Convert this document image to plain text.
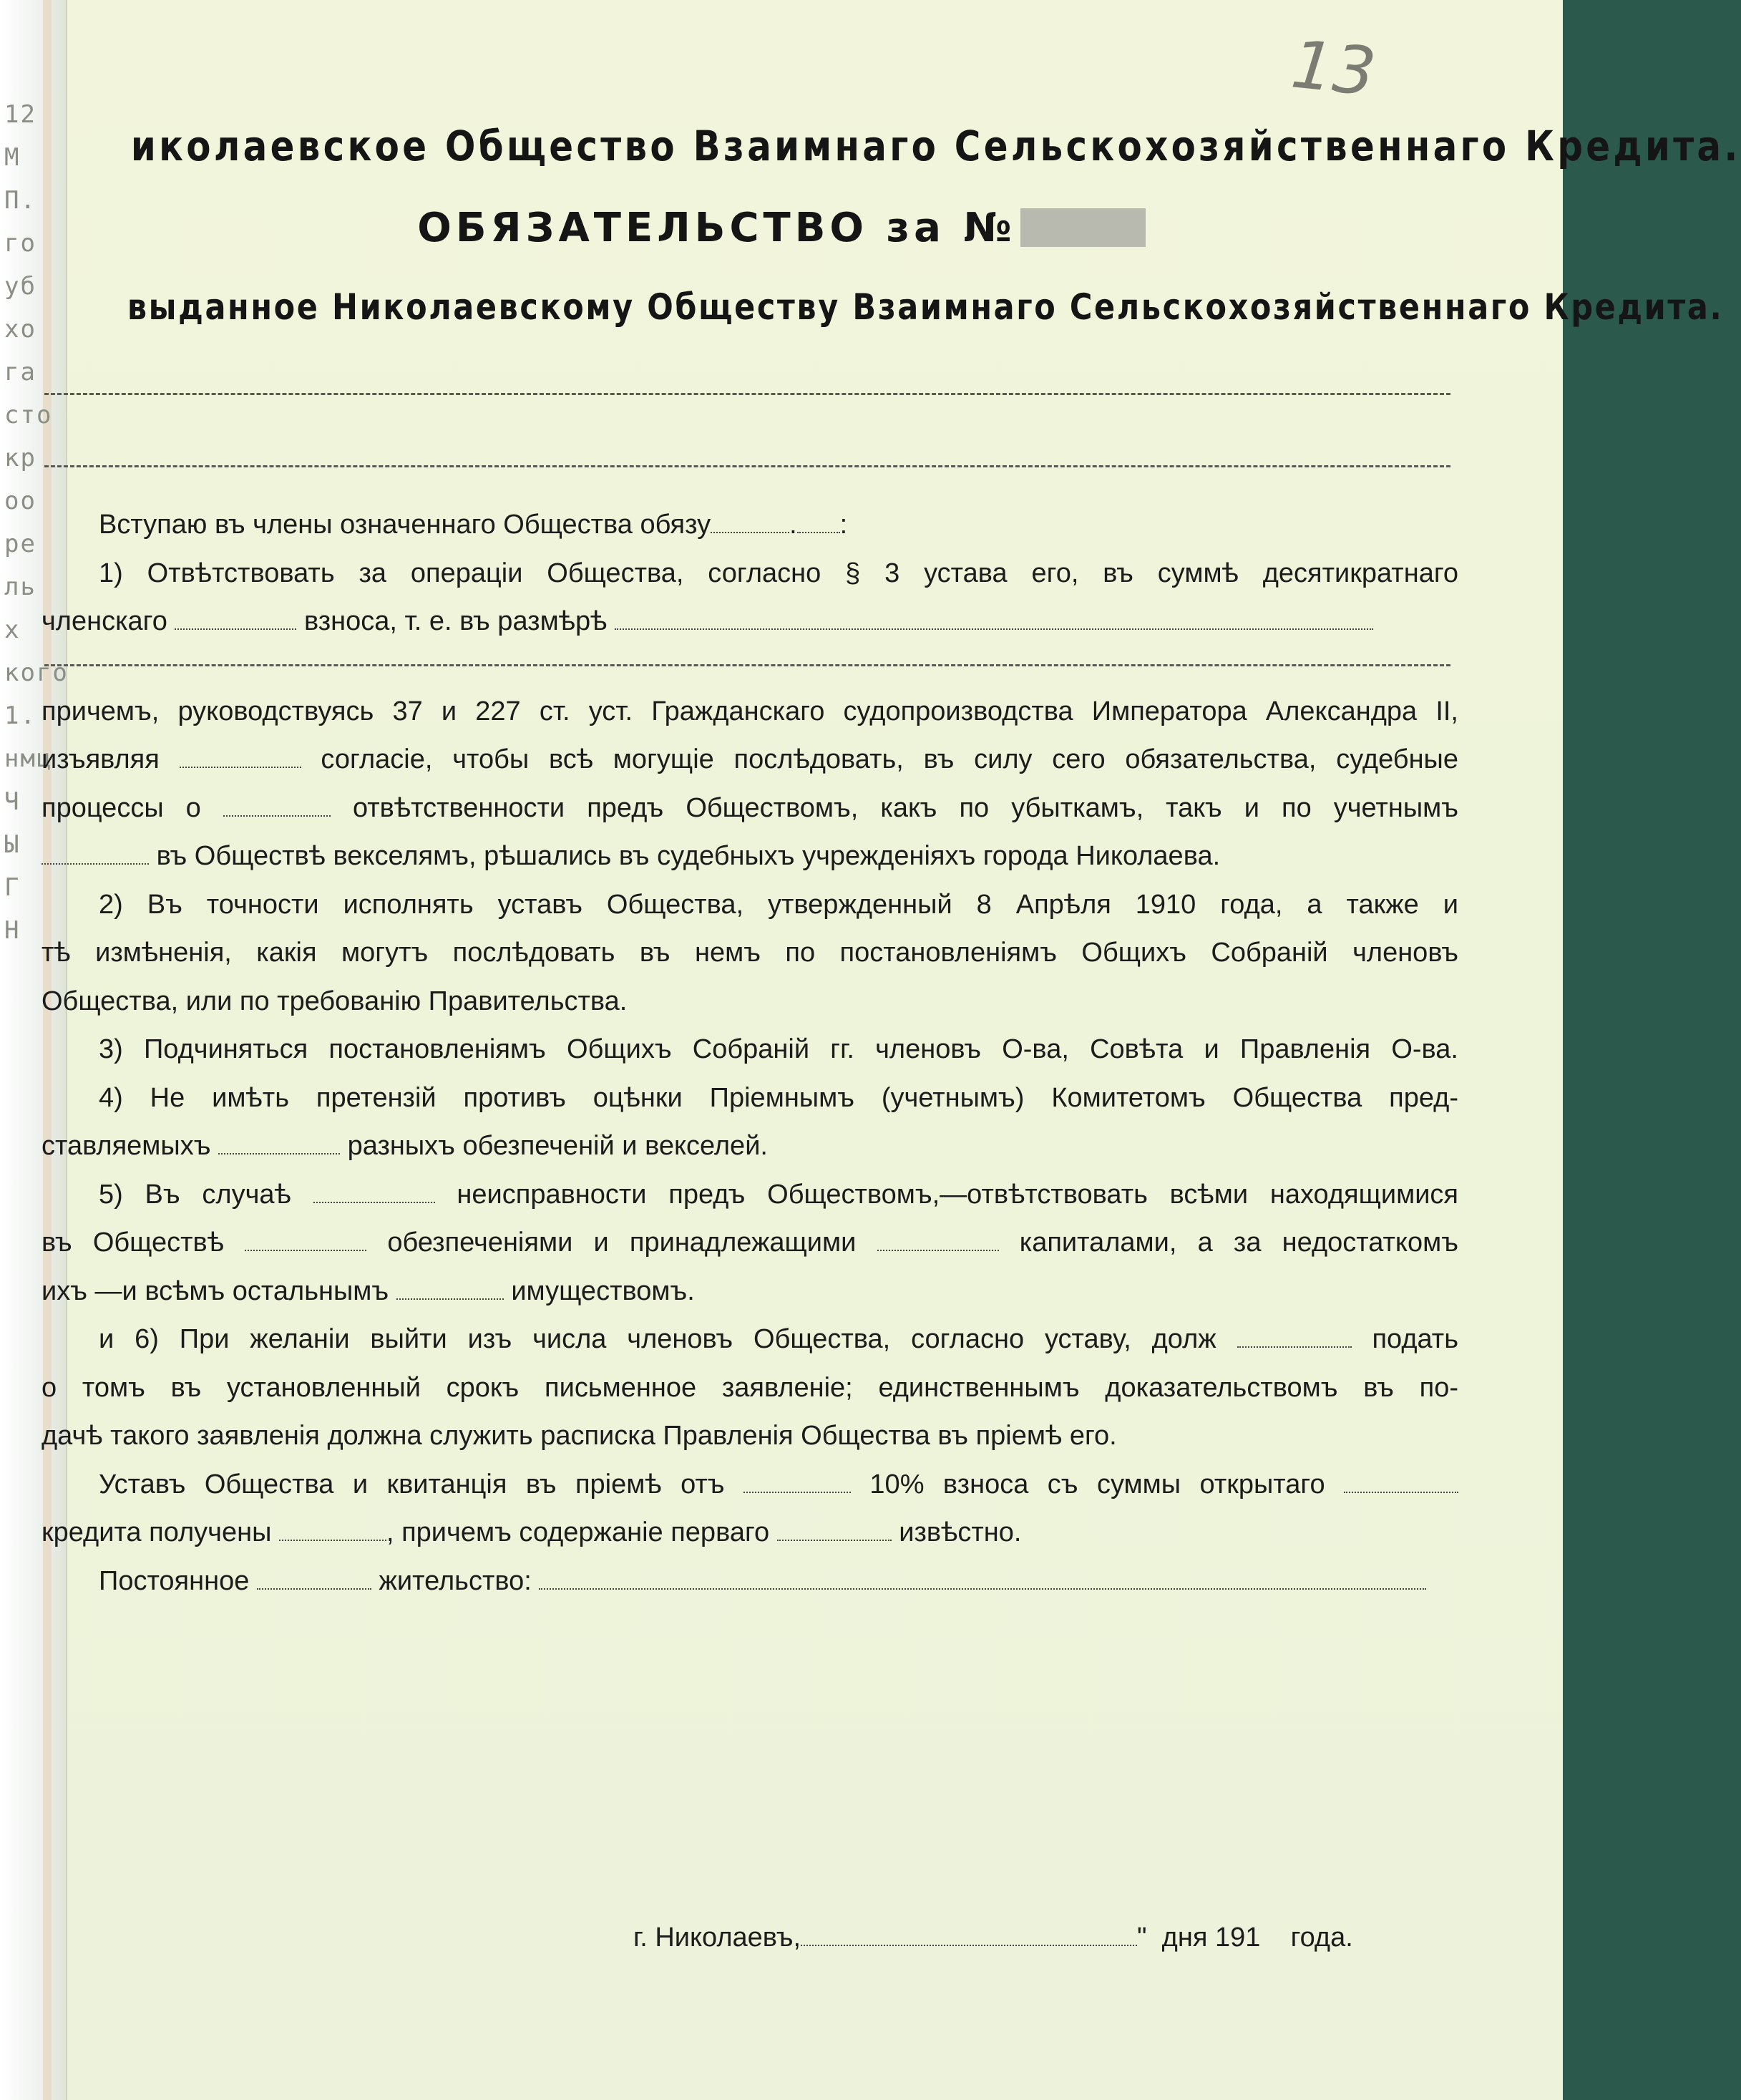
12
М
П.
го
уб
хо
га
сто
кр
оо
ре
ль
х
кого
1.
нмц
Ч
Ы
Г
Н
13
иколаевское Общество Взаимнаго Сельскохозяйственнаго Кредита.
ОБЯЗАТЕЛЬСТВО за №
выданное Николаевскому Обществу Взаимнаго Сельскохозяйственнаго Кредита.
Вступаю въ члены означеннаго Общества обязу	. :
1) Отвѣтствовать за операціи Общества, согласно § 3 устава его, въ суммѣ десятикратнаго
членскаго	взноса, т. е. въ размѣрѣ
причемъ, руководствуясь 37 и 227 ст. уст. Гражданскаго судопроизводства Императора Александра II,
изъявляя	согласіе, чтобы всѣ могущіе послѣдовать, въ силу сего обязательства, судебные
процессы о	отвѣтственности предъ Обществомъ, какъ по убыткамъ, такъ и по учетнымъ
въ Обществѣ векселямъ, рѣшались въ судебныхъ учрежденіяхъ города Николаева.
2) Въ точности исполнять уставъ Общества, утвержденный 8 Апрѣля 1910 года, а также и
тѣ измѣненія, какія могутъ послѣдовать въ немъ по постановленіямъ Общихъ Собраній членовъ
Общества, или по требованію Правительства.
3) Подчиняться постановленіямъ Общихъ Собраній гг. членовъ О-ва, Совѣта и Правленія О-ва.
4) Не имѣть претензій противъ оцѣнки Пріемнымъ (учетнымъ) Комитетомъ Общества пред-
ставляемыхъ	разныхъ обезпеченій и векселей.
5) Въ случаѣ	неисправности предъ Обществомъ,—отвѣтствовать всѣми находящимися
въ Обществѣ	обезпеченіями и принадлежащими	капиталами, а за недостаткомъ
ихъ —и всѣмъ остальнымъ	имуществомъ.
и 6) При желаніи выйти изъ числа членовъ Общества, согласно уставу, долж	подать
о томъ въ установленный срокъ письменное заявленіе; единственнымъ доказательствомъ въ по-
дачѣ такого заявленія должна служить расписка Правленія Общества въ пріемѣ его.
Уставъ Общества и квитанція въ пріемѣ отъ	10% взноса съ суммы открытаго
кредита получены	, причемъ содержаніе перваго	извѣстно.
Постоянное	жительство:
г. Николаевъ,	" дня 191 года.
